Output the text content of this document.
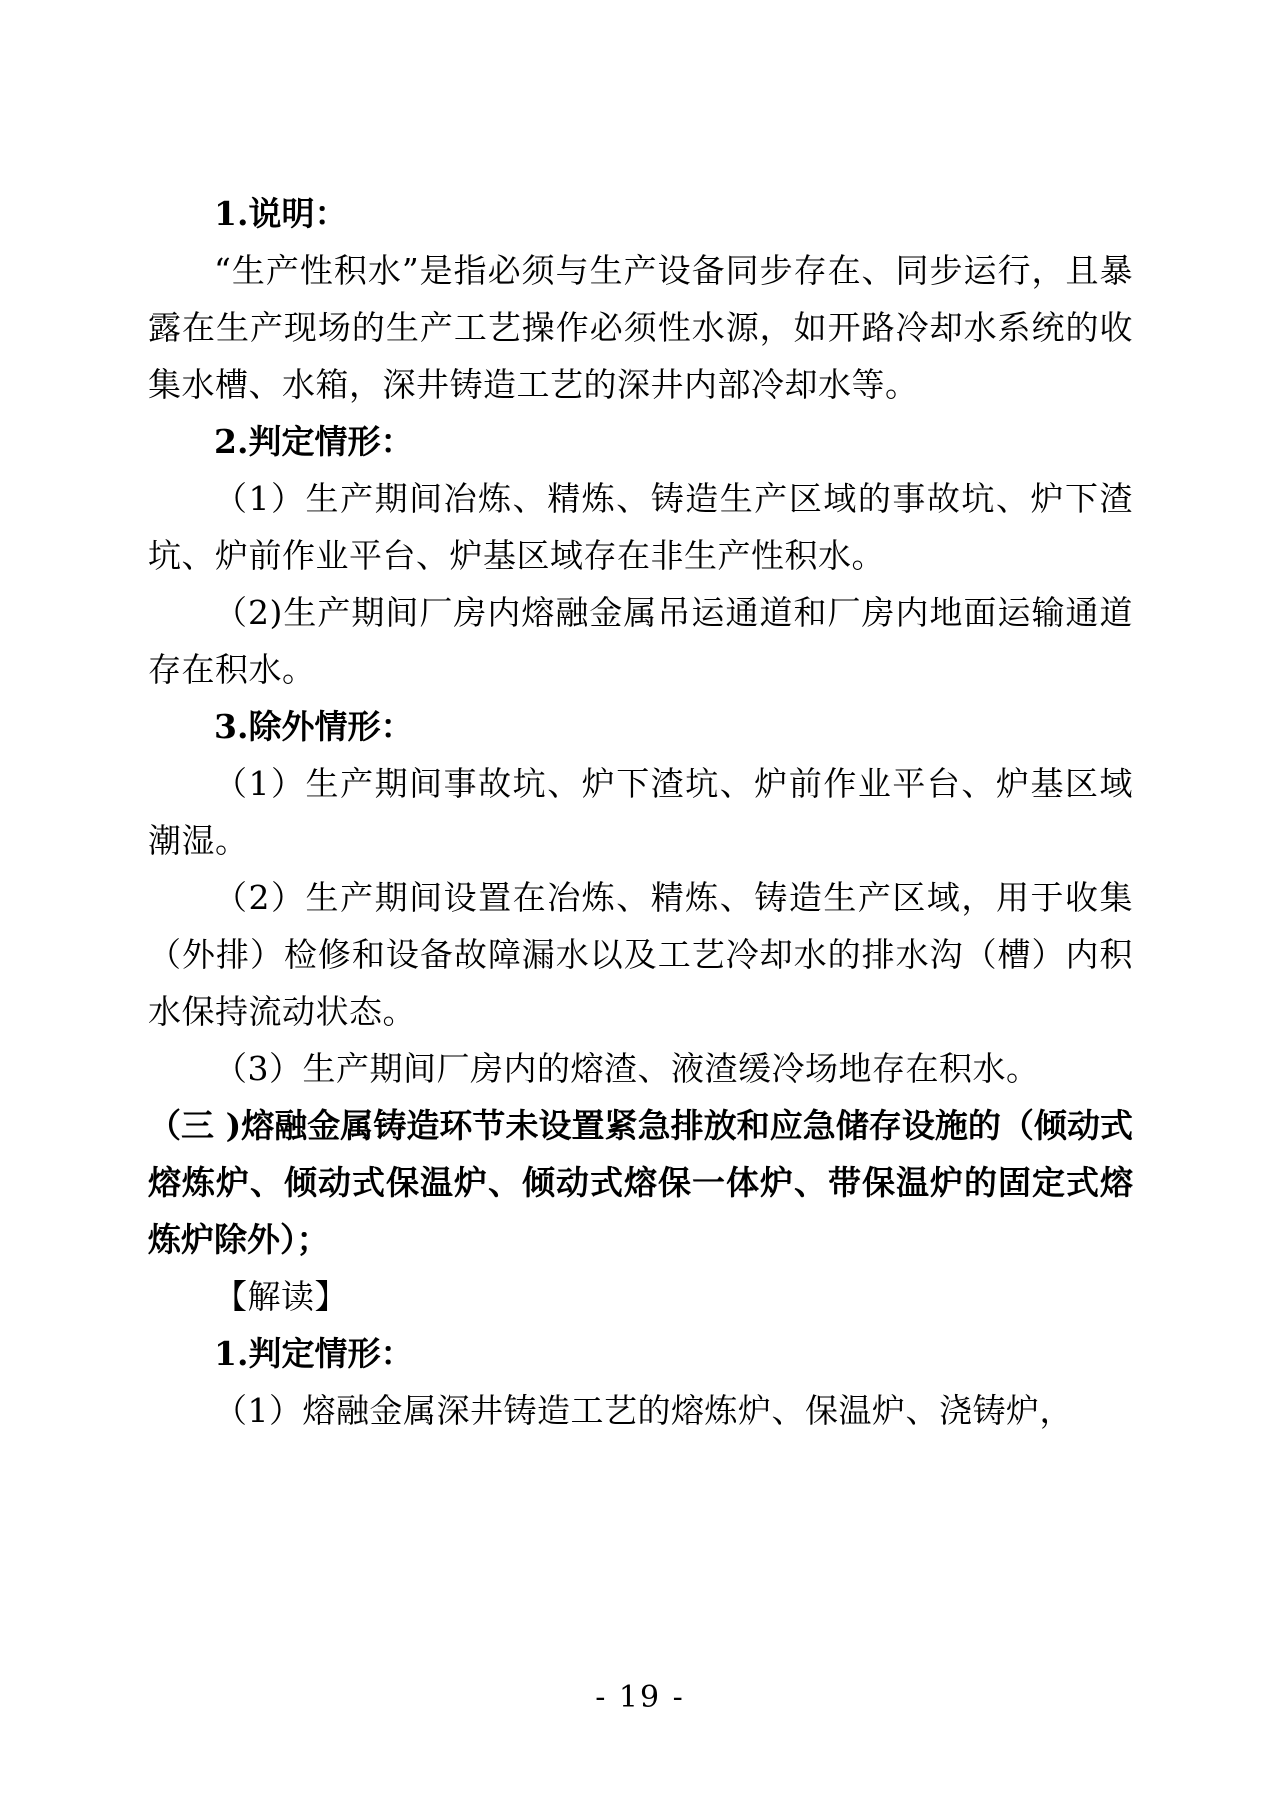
1.说明：

“生产性积水”是指必须与生产设备同步存在、同步运行，且暴露在生产现场的生产工艺操作必须性水源，如开路冷却水系统的收集水槽、水箱，深井铸造工艺的深井内部冷却水等。

2.判定情形：

（1）生产期间冶炼、精炼、铸造生产区域的事故坑、炉下渣坑、炉前作业平台、炉基区域存在非生产性积水。

（2)生产期间厂房内熔融金属吊运通道和厂房内地面运输通道存在积水。

3.除外情形：

（1）生产期间事故坑、炉下渣坑、炉前作业平台、炉基区域潮湿。

（2）生产期间设置在冶炼、精炼、铸造生产区域，用于收集（外排）检修和设备故障漏水以及工艺冷却水的排水沟（槽）内积水保持流动状态。

（3）生产期间厂房内的熔渣、液渣缓冷场地存在积水。

（三 )熔融金属铸造环节未设置紧急排放和应急储存设施的（倾动式熔炼炉、倾动式保温炉、倾动式熔保一体炉、带保温炉的固定式熔炼炉除外）；

【解读】

1.判定情形：

（1）熔融金属深井铸造工艺的熔炼炉、保温炉、浇铸炉，

- 19 -
